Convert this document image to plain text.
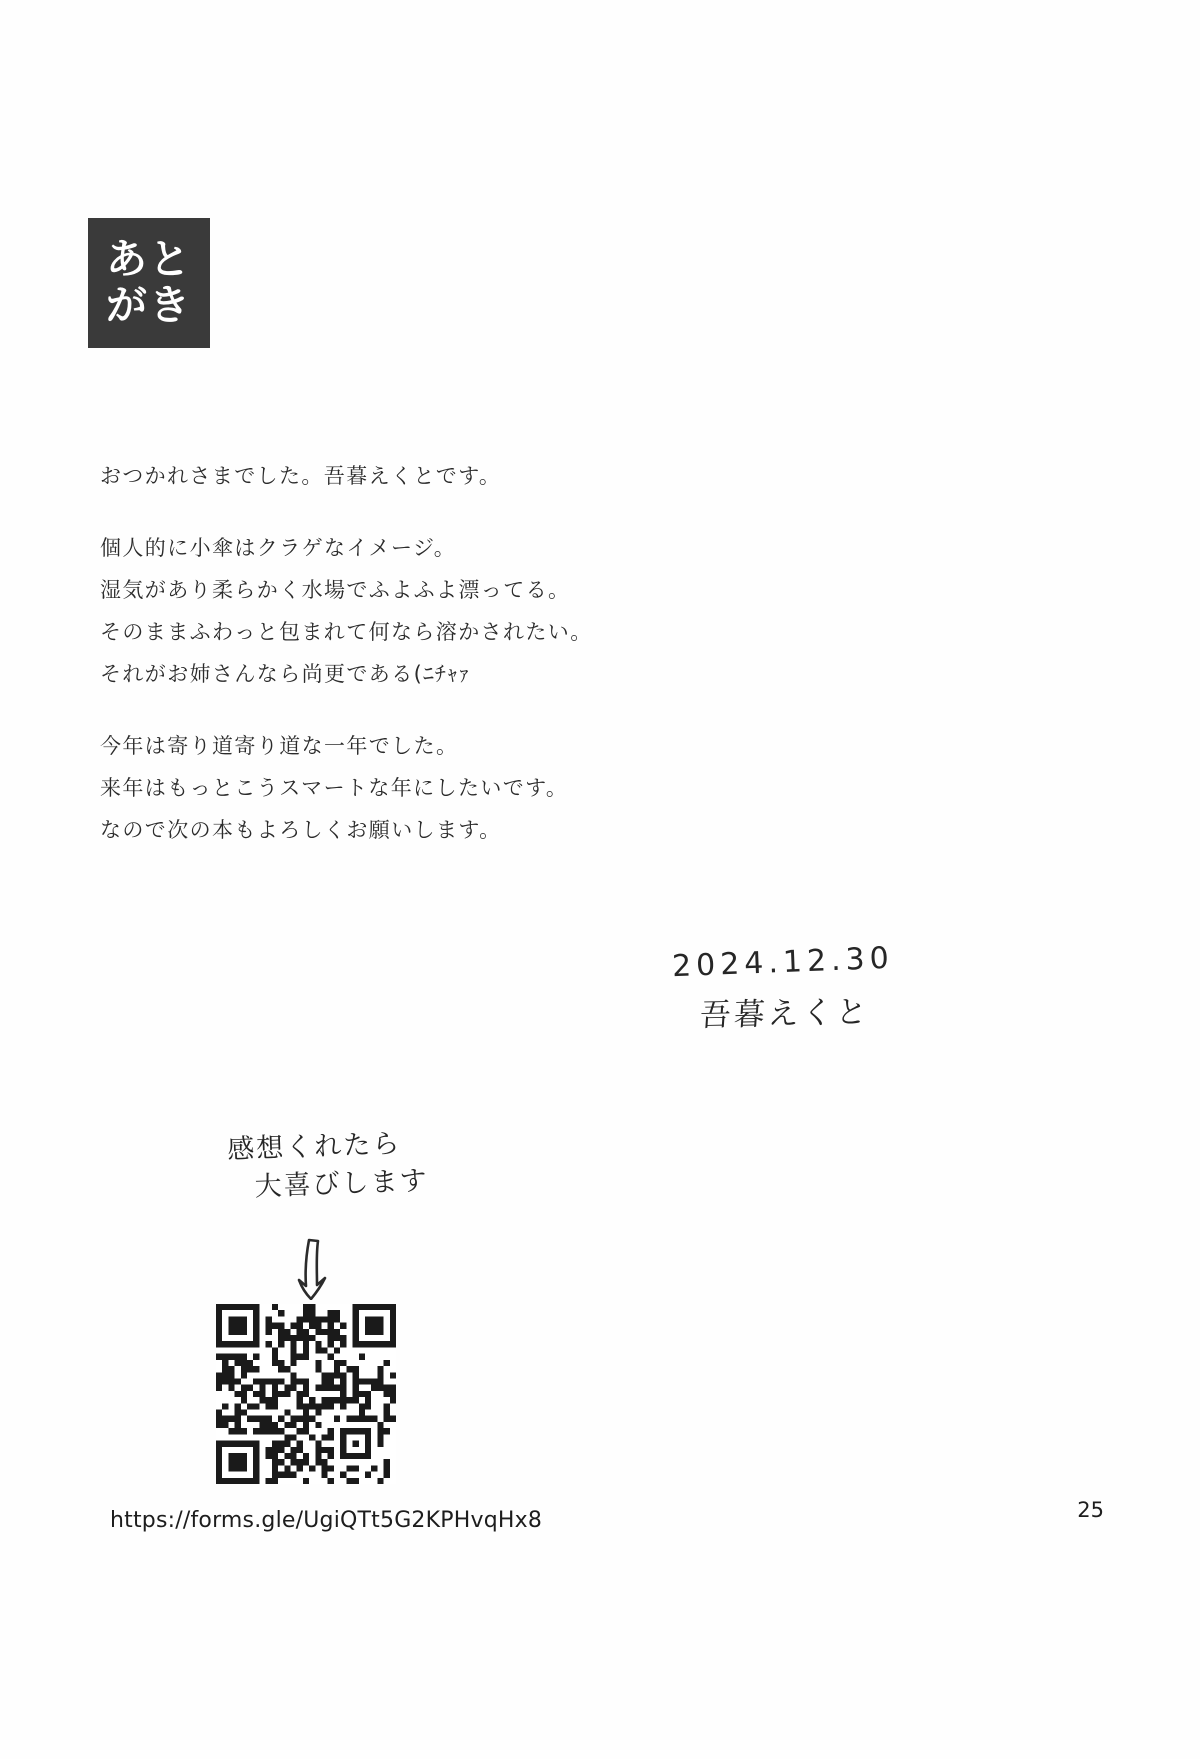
あと
がき
おつかれさまでした。吾暮えくとです。
個人的に小傘はクラゲなイメージ。
湿気があり柔らかく水場でふよふよ漂ってる。
そのままふわっと包まれて何なら溶かされたい。
それがお姉さんなら尚更である(ﾆﾁｬｧ
今年は寄り道寄り道な一年でした。
来年はもっとこうスマートな年にしたいです。
なので次の本もよろしくお願いします。
2024.12.30
吾暮えくと
感想くれたら
大喜びします
https://forms.gle/UgiQTt5G2KPHvqHx8	25
